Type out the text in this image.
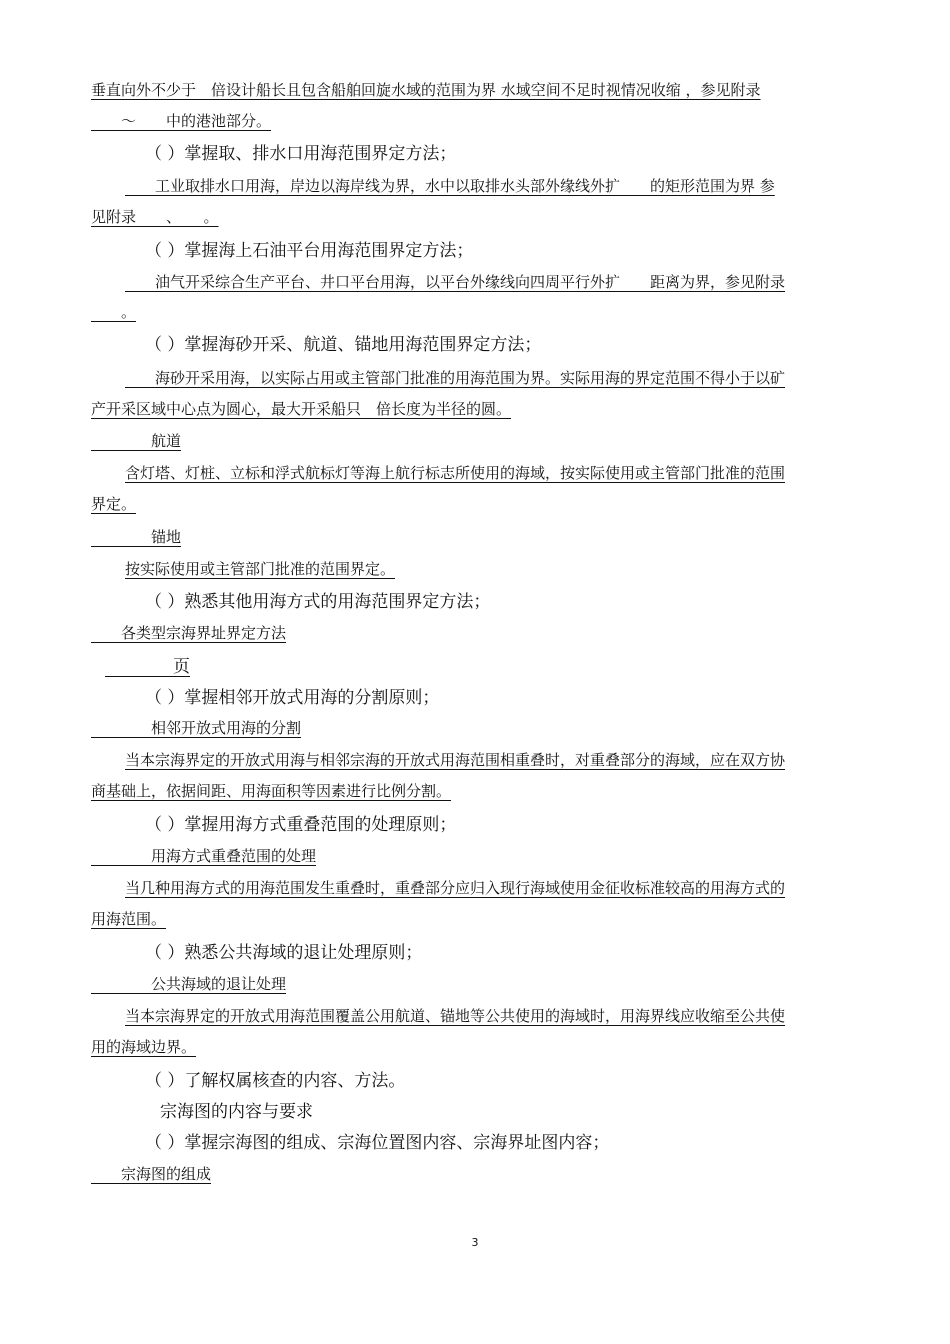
垂直向外不少于　倍设计船长且包含船舶回旋水域的范围为界 水域空间不足时视情况收缩 ，参见附录
　　～　　中的港池部分。
（ ）掌握取、排水口用海范围界定方法；
　　工业取排水口用海，岸边以海岸线为界，水中以取排水头部外缘线外扩　　的矩形范围为界 参
见附录　　、　　。
（ ）掌握海上石油平台用海范围界定方法；
　　油气开采综合生产平台、井口平台用海，以平台外缘线向四周平行外扩　　距离为界，参见附录
　　。
（ ）掌握海砂开采、航道、锚地用海范围界定方法；
　　海砂开采用海，以实际占用或主管部门批准的用海范围为界。实际用海的界定范围不得小于以矿
产开采区域中心点为圆心，最大开采船只　倍长度为半径的圆。
　　　　航道
含灯塔、灯桩、立标和浮式航标灯等海上航行标志所使用的海域，按实际使用或主管部门批准的范围
界定。
　　　　锚地
按实际使用或主管部门批准的范围界定。
（ ）熟悉其他用海方式的用海范围界定方法；
　　各类型宗海界址界定方法
　　　　页
（ ）掌握相邻开放式用海的分割原则；
　　　　相邻开放式用海的分割
当本宗海界定的开放式用海与相邻宗海的开放式用海范围相重叠时，对重叠部分的海域，应在双方协
商基础上，依据间距、用海面积等因素进行比例分割。
（ ）掌握用海方式重叠范围的处理原则；
　　　　用海方式重叠范围的处理
当几种用海方式的用海范围发生重叠时，重叠部分应归入现行海域使用金征收标准较高的用海方式的
用海范围。
（ ）熟悉公共海域的退让处理原则；
　　　　公共海域的退让处理
当本宗海界定的开放式用海范围覆盖公用航道、锚地等公共使用的海域时，用海界线应收缩至公共使
用的海域边界。
（ ）了解权属核查的内容、方法。
宗海图的内容与要求
（ ）掌握宗海图的组成、宗海位置图内容、宗海界址图内容；
　　宗海图的组成
3
